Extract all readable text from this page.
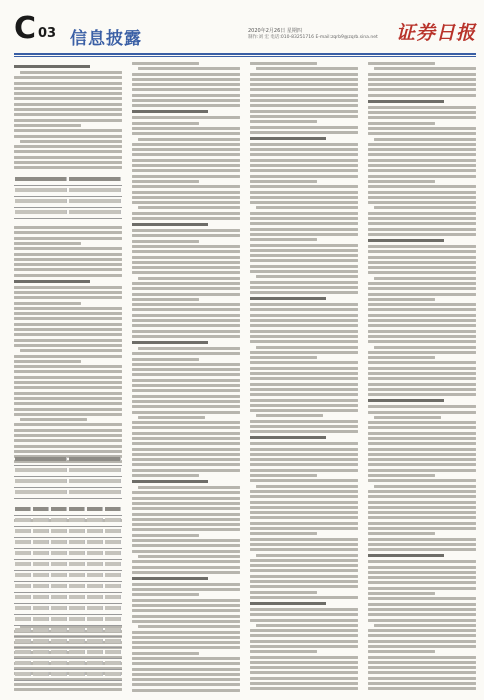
C 03 信息披露	2020年2月26日 星期四
制作:刘 宏 电话:010-83251716 E-mail:zqrb9@zqrb.sina.net 证券日报
